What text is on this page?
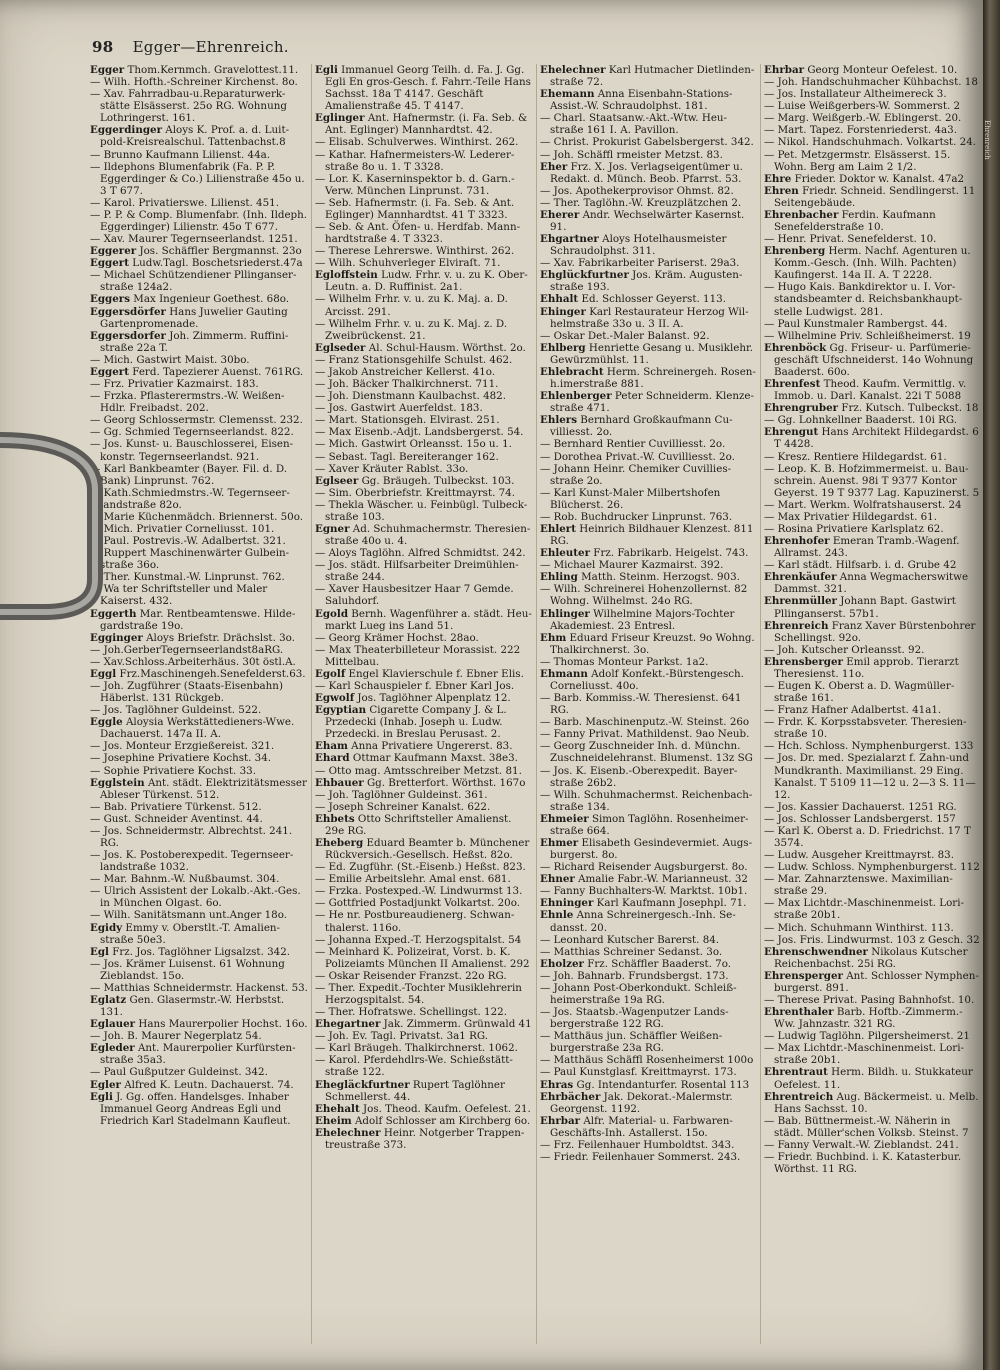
98 Egger—Ehrenreich.

Egger Thom.Kernmch. Gravelottest.11.

— Wilh. Hofth.-Schreiner Kirchenst. 8o.

— Xav. Fahrradbau-u.Reparaturwerk-stätte Elsässerst. 25o RG. Wohnung Lothringerst. 161.

Eggerdinger Aloys K. Prof. a. d. Luit-pold-Kreisrealschul. Tattenbachst.8

— Brunno Kaufmann Lilienst. 44a.

— Ildephons Blumenfabrik (Fa. P. P. Eggerdinger & Co.) Lilienstraße 45o u. 3 T 677.

— Karol. Privatierswe. Lilienst. 451.

— P. P. & Comp. Blumenfabr. (Inh. Ildeph. Eggerdinger) Lilienstr. 45o T 677.

— Xav. Maurer Tegernseerlandst. 1251.

Eggerer Jos. Schäffler Bergmannst. 23o

Eggert Ludw.Tagl. Boschetsriederst.47a

— Michael Schützendiener Pllinganser-straße 124a2.

Eggers Max Ingenieur Goethest. 68o.

Eggersdörfer Hans Juwelier Gauting Gartenpromenade.

Eggersdorfer Joh. Zimmerm. Ruffini-straße 22a T.

— Mich. Gastwirt Maist. 30bo.

Eggert Ferd. Tapezierer Auenst. 761RG.

— Frz. Privatier Kazmairst. 183.

— Frzka. Pflasterermstrs.-W. Weißen-Hdlr. Freibadst. 202.

— Georg Schlossermstr. Clemensst. 232.

— Gg. Schmied Tegernseerlandst. 822.

— Jos. Kunst- u. Bauschlosserei, Eisen-konstr. Tegernseerlandst. 921.

— Karl Bankbeamter (Bayer. Fil. d. D. Bank) Linprunst. 762.

— Kath.Schmiedmstrs.-W. Tegernseer-landstraße 82o.

— Marie Küchenmädch. Briennerst. 50o.

— Mich. Privatier Corneliusst. 101.

— Paul. Postrevis.-W. Adalbertst. 321.

— Ruppert Maschinenwärter Gulbein-straße 36o.

— Ther. Kunstmal.-W. Linprunst. 762.

— Wa ter Schriftsteller und Maler Kaiserst. 432.

Eggerth Mar. Rentbeamtenswe. Hilde-gardstraße 19o.

Egginger Aloys Briefstr. Drächslst. 3o.

— Joh.GerberTegernseerlandst8aRG.

— Xav.Schloss.Arbeiterhäus. 30t östl.A.

Eggl Frz.Maschinengeh.Senefelderst.63.

— Joh. Zugführer (Staats-Eisenbahn) Häberlst. 131 Rückgeb.

— Jos. Taglöhner Guldeinst. 522.

Eggle Aloysia Werkstättedieners-Wwe. Dachauerst. 147a II. A.

— Jos. Monteur Erzgießereist. 321.

— Josephine Privatiere Kochst. 34.

— Sophie Privatiere Kochst. 33.

Egglstein Ant. städt. Elektrizitätsmesser Ableser Türkenst. 512.

— Bab. Privatiere Türkenst. 512.

— Gust. Schneider Aventinst. 44.

— Jos. Schneidermstr. Albrechtst. 241. RG.

— Jos. K. Postoberexpedit. Tegernseer-landstraße 1032.

— Mar. Bahnm.-W. Nußbaumst. 304.

— Ulrich Assistent der Lokalb.-Akt.-Ges. in München Olgast. 6o.

— Wilh. Sanitätsmann unt.Anger 18o.

Egidy Emmy v. Oberstlt.-T. Amalien-straße 50e3.

Egl Frz. Jos. Taglöhner Ligsalzst. 342.

— Jos. Krämer Luisenst. 61 Wohnung Zieblandst. 15o.

— Matthias Schneidermstr. Hackenst. 53.

Eglatz Gen. Glasermstr.-W. Herbstst. 131.

Eglauer Hans Maurerpolier Hochst. 16o.

— Joh. B. Maurer Negerplatz 54.

Egleder Ant. Maurerpolier Kurfürsten-straße 35a3.

— Paul Gußputzer Guldeinst. 342.

Egler Alfred K. Leutn. Dachauerst. 74.

Egli J. Gg. offen. Handelsges. Inhaber Immanuel Georg Andreas Egli und Friedrich Karl Stadelmann Kaufleut.

Egli Immanuel Georg Teilh. d. Fa. J. Gg. Egli En gros-Gesch. f. Fahrr.-Teile Hans Sachsst. 18a T 4147. Geschäft Amalienstraße 45. T 4147.

Eglinger Ant. Hafnermstr. (i. Fa. Seb. & Ant. Eglinger) Mannhardtst. 42.

— Elisab. Schulverwes. Winthirst. 262.

— Kathar. Hafnermeisters-W. Lederer-straße 8o u. 1. T 3328.

— Lor. K. Kaserninspektor b. d. Garn.-Verw. München Linprunst. 731.

— Seb. Hafnermstr. (i. Fa. Seb. & Ant. Eglinger) Mannhardtst. 41 T 3323.

— Seb. & Ant. Öfen- u. Herdfab. Mann-hardtstraße 4. T 3323.

— Therese Lehrerswe. Winthirst. 262.

— Wilh. Schuhverleger Elviraſt. 71.

Egloffstein Ludw. Frhr. v. u. zu K. Ober-Leutn. a. D. Ruffinist. 2a1.

— Wilhelm Frhr. v. u. zu K. Maj. a. D. Arcisst. 291.

— Wilhelm Frhr. v. u. zu K. Maj. z. D. Zweibrückenst. 21.

Eglseder Al. Schul-Hausm. Wörthst. 2o.

— Franz Stationsgehilfe Schulst. 462.

— Jakob Anstreicher Kellerst. 41o.

— Joh. Bäcker Thalkirchnerst. 711.

— Joh. Dienstmann Kaulbachst. 482.

— Jos. Gastwirt Auerfeldst. 183.

— Mart. Stationsgeh. Elvirast. 251.

— Max Eisenb.-Adjt. Landsbergerst. 54.

— Mich. Gastwirt Orleansst. 15o u. 1.

— Sebast. Tagl. Bereiteranger 162.

— Xaver Kräuter Rablst. 33o.

Eglseer Gg. Bräugeh. Tulbeckst. 103.

— Sim. Oberbriefstr. Kreittmayrst. 74.

— Thekla Wäscher. u. Feinbügl. Tulbeck-straße 103.

Egner Ad. Schuhmachermstr. Theresien-straße 40o u. 4.

— Aloys Taglöhn. Alfred Schmidtst. 242.

— Jos. städt. Hilfsarbeiter Dreimühlen-straße 244.

— Xaver Hausbesitzer Haar 7 Gemde. Saluhdorf.

Egold Bernh. Wagenführer a. städt. Heu-markt Lueg ins Land 51.

— Georg Krämer Hochst. 28ao.

— Max Theaterbilleteur Morassist. 222 Mittelbau.

Egolf Engel Klavierschule f. Ebner Elis.

— Karl Schauspieler f. Ebner Karl Jos.

Egwolf Jos. Taglöhner Alpenplatz 12.

Egyptian Cigarette Company J. & L. Przedecki (Inhab. Joseph u. Ludw. Przedecki. in Breslau Perusast. 2.

Eham Anna Privatiere Ungererst. 83.

Ehard Ottmar Kaufmann Maxst. 38e3.

— Otto mag. Amtsschreiber Metzst. 81.

Ehbauer Gg. Bretterfort. Wörthst. 167o

— Joh. Taglöhner Guldeinst. 361.

— Joseph Schreiner Kanalst. 622.

Ehbets Otto Schriftsteller Amalienst. 29e RG.

Eheberg Eduard Beamter b. Münchener Rückversich.-Gesellsch. Heßst. 82o.

— Ed. Zugführ. (St.-Eisenb.) Heßst. 823.

— Emilie Arbeitslehr. Amal enst. 681.

— Frzka. Postexped.-W. Lindwurmst 13.

— Gottfried Postadjunkt Volkartst. 20o.

— He nr. Postbureaudienerg. Schwan-thalerst. 116o.

— Johanna Exped.-T. Herzogspitalst. 54

— Meinhard K. Polizeirat, Vorst. b. K. Polizeiamts München II Amalienst. 292

— Oskar Reisender Franzst. 22o RG.

— Ther. Expedit.-Tochter Musiklehrerin Herzogspitalst. 54.

— Ther. Hofratswe. Schellingst. 122.

Ehegartner Jak. Zimmerm. Grünwald 41

— Joh. Ev. Tagl. Privatst. 3a1 RG.

— Karl Bräugeh. Thalkirchnerst. 1062.

— Karol. Pferdehdlrs-We. Schießstätt-straße 122.

Ehegläckfurtner Rupert Taglöhner Schmellerst. 44.

Ehehalt Jos. Theod. Kaufm. Oefelest. 21.

Eheim Adolf Schlosser am Kirchberg 6o.

Ehelechner Heinr. Notgerber Trappen-treustraße 373.

Ehelechner Karl Hutmacher Dietlinden-straße 72.

Ehemann Anna Eisenbahn-Stations-Assist.-W. Schraudolphst. 181.

— Charl. Staatsanw.-Akt.-Wtw. Heu-straße 161 I. A. Pavillon.

— Christ. Prokurist Gabelsbergerst. 342.

— Joh. Schäffl rmeister Metzst. 83.

Eher Frz. X. Jos. Verlagseigentümer u. Redakt. d. Münch. Beob. Pfarrst. 53.

— Jos. Apothekerprovisor Ohmst. 82.

— Ther. Taglöhn.-W. Kreuzplätzchen 2.

Eherer Andr. Wechselwärter Kasernst. 91.

Ehgartner Aloys Hotelhausmeister Schraudolphst. 311.

— Xav. Fabrikarbeiter Pariserst. 29a3.

Ehglückfurtner Jos. Kräm. Augusten-straße 193.

Ehhalt Ed. Schlosser Geyerst. 113.

Ehinger Karl Restaurateur Herzog Wil-helmstraße 33o u. 3 II. A.

— Oskar Det.-Maler Balanst. 92.

Ehlberg Henriette Gesang u. Musiklehr. Gewürzmühlst. 11.

Ehlebracht Herm. Schreinergeh. Rosen-h.imerstraße 881.

Ehlenberger Peter Schneiderm. Klenze-straße 471.

Ehlers Bernhard Großkaufmann Cu-villiesst. 2o.

— Bernhard Rentier Cuvilliesst. 2o.

— Dorothea Privat.-W. Cuvilliesst. 2o.

— Johann Heinr. Chemiker Cuvillies-straße 2o.

— Karl Kunst-Maler Milbertshofen Blücherst. 26.

— Rob. Buchdrucker Linprunst. 763.

Ehlert Heinrich Bildhauer Klenzest. 811 RG.

Ehleuter Frz. Fabrikarb. Heigelst. 743.

— Michael Maurer Kazmairst. 392.

Ehling Matth. Steinm. Herzogst. 903.

— Wilh. Schreinerei Hohenzollernst. 82 Wohng. Wilhelmst. 24o RG.

Ehlinger Wilhelmine Majors-Tochter Akademiest. 23 Entresl.

Ehm Eduard Friseur Kreuzst. 9o Wohng. Thalkirchnerst. 3o.

— Thomas Monteur Parkst. 1a2.

Ehmann Adolf Konfekt.-Bürstengesch. Corneliusst. 40o.

— Barb. Kommiss.-W. Theresienst. 641 RG.

— Barb. Maschinenputz.-W. Steinst. 26o

— Fanny Privat. Mathildenst. 9ao Neub.

— Georg Zuschneider Inh. d. Münchn. Zuschneidelehranst. Blumenst. 13z SG

— Jos. K. Eisenb.-Oberexpedit. Bayer-straße 26b2.

— Wilh. Schuhmachermst. Reichenbach-straße 134.

Ehmeier Simon Taglöhn. Rosenheimer-straße 664.

Ehmer Elisabeth Gesindevermiet. Augs-burgerst. 8o.

— Richard Reisender Augsburgerst. 8o.

Ehner Amalie Fabr.-W. Marianneust. 32

— Fanny Buchhalters-W. Marktst. 10b1.

Ehninger Karl Kaufmann Josephpl. 71.

Ehnle Anna Schreinergesch.-Inh. Se-dansst. 20.

— Leonhard Kutscher Barerst. 84.

— Matthias Schreiner Sedanst. 3o.

Eholzer Frz. Schäffler Baaderst. 7o.

— Joh. Bahnarb. Frundsbergst. 173.

— Johann Post-Oberkondukt. Schleiß-heimerstraße 19a RG.

— Jos. Staatsb.-Wagenputzer Lands-bergerstraße 122 RG.

— Matthäus jun. Schäffler Weißen-burgerstraße 23a RG.

— Matthäus Schäffl Rosenheimerst 100o

— Paul Kunstglasf. Kreittmayrst. 173.

Ehras Gg. Intendanturfer. Rosental 113

Ehrbächer Jak. Dekorat.-Malermstr. Georgenst. 1192.

Ehrbar Alfr. Material- u. Farbwaren-Geschäfts-Inh. Astallerst. 15o.

— Frz. Feilenhauer Humboldtst. 343.

— Friedr. Feilenhauer Sommerst. 243.

Ehrbar Georg Monteur Oefelest. 10.

— Joh. Handschuhmacher Kühbachst. 18

— Jos. Installateur Altheimereck 3.

— Luise Weißgerbers-W. Sommerst. 2

— Marg. Weißgerb.-W. Eblingerst. 20.

— Mart. Tapez. Forstenriederst. 4a3.

— Nikol. Handschuhmach. Volkartst. 24.

— Pet. Metzgermstr. Elsässerst. 15. Wohn. Berg am Laim 2 1/2.

Ehre Frieder. Doktor w. Kanalst. 47a2

Ehren Friedr. Schneid. Sendlingerst. 11 Seitengebäude.

Ehrenbacher Ferdin. Kaufmann Senefelderstraße 10.

— Henr. Privat. Senefelderst. 10.

Ehrenberg Herm. Nachf. Agenturen u. Komm.-Gesch. (Inh. Wilh. Pachten) Kaufingerst. 14a II. A. T 2228.

— Hugo Kais. Bankdirektor u. I. Vor-standsbeamter d. Reichsbankhaupt-stelle Ludwigst. 281.

— Paul Kunstmaler Rambergst. 44.

— Wilhelmine Priv. Schleißheimerst. 19

Ehrenböck Gg. Friseur- u. Parfümerie-geschäft Ufschneiderst. 14o Wohnung Baaderst. 60o.

Ehrenfest Theod. Kaufm. Vermittlg. v. Immob. u. Darl. Kanalst. 22i T 5088

Ehrengruber Frz. Kutsch. Tulbeckst. 18

— Gg. Lohnkellner Baaderst. 10i RG.

Ehrengut Hans Architekt Hildegardst. 6 T 4428.

— Kresz. Rentiere Hildegardst. 61.

— Leop. K. B. Hofzimmermeist. u. Bau-schrein. Auenst. 98i T 9377 Kontor Geyerst. 19 T 9377 Lag. Kapuzinerst. 5

— Mart. Werkm. Wolfratshauserst. 24

— Max Privatier Hildegardst. 61.

— Rosina Privatiere Karlsplatz 62.

Ehrenhofer Emeran Tramb.-Wagenf. Allramst. 243.

— Karl städt. Hilfsarb. i. d. Grube 42

Ehrenkäufer Anna Wegmacherswitwe Dammst. 321.

Ehrenmüller Johann Bapt. Gastwirt Pllinganserst. 57b1.

Ehrenreich Franz Xaver Bürstenbohrer Schellingst. 92o.

— Joh. Kutscher Orleansst. 92.

Ehrensberger Emil approb. Tierarzt Theresienst. 11o.

— Eugen K. Oberst a. D. Wagmüller-straße 161.

— Franz Hafner Adalbertst. 41a1.

— Frdr. K. Korpsstabsveter. Theresien-straße 10.

— Hch. Schloss. Nymphenburgerst. 133

— Jos. Dr. med. Spezialarzt f. Zahn-und Mundkranth. Maximilianst. 29 Eing. Kanalst. T 5109 11—12 u. 2—3 S. 11—12.

— Jos. Kassier Dachauerst. 1251 RG.

— Jos. Schlosser Landsbergerst. 157

— Karl K. Oberst a. D. Friedrichst. 17 T 3574.

— Ludw. Ausgeher Kreittmayrst. 83.

— Ludw. Schloss. Nymphenburgerst. 112

— Mar. Zahnarztenswe. Maximilian-straße 29.

— Max Lichtdr.-Maschinenmeist. Lori-straße 20b1.

— Mich. Schuhmann Winthirst. 113.

— Jos. Fris. Lindwurmst. 103 z Gesch. 32

Ehrenschwendner Nikolaus Kutscher Reichenbachst. 25i RG.

Ehrensperger Ant. Schlosser Nymphen-burgerst. 891.

— Therese Privat. Pasing Bahnhofst. 10.

Ehrenthaler Barb. Hoftb.-Zimmerm.-Ww. Jahnzastr. 321 RG.

— Ludwig Taglöhn. Pilgersheimerst. 21

— Max Lichtdr.-Maschinenmeist. Lori-straße 20b1.

Ehrentraut Herm. Bildh. u. Stukkateur Oefelest. 11.

Ehrentreich Aug. Bäckermeist. u. Melb. Hans Sachsst. 10.

— Bab. Büttnermeist.-W. Näherin in städt. Müller'schen Volksb. Steinst. 7

— Fanny Verwalt.-W. Zieblandst. 241.

— Friedr. Buchbind. i. K. Katasterbur. Wörthst. 11 RG.

Ehrenreich
